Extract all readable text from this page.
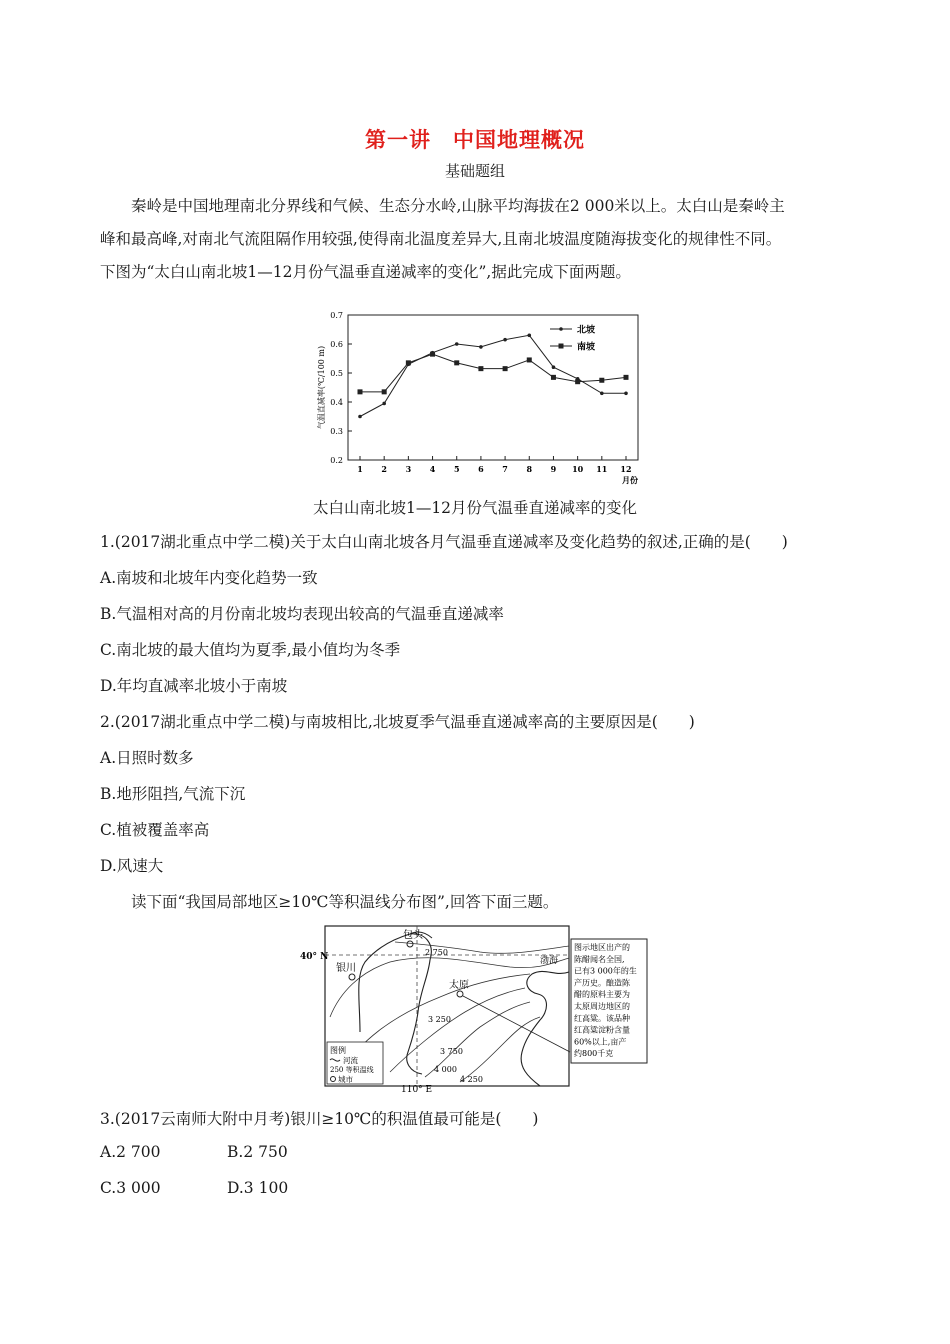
第一讲　中国地理概况
基础题组
秦岭是中国地理南北分界线和气候、生态分水岭,山脉平均海拔在2 000米以上。太白山是秦岭主
峰和最高峰,对南北气流阻隔作用较强,使得南北温度差异大,且南北坡温度随海拔变化的规律性不同。
下图为“太白山南北坡1—12月份气温垂直递减率的变化”,据此完成下面两题。
0.2
0.3
0.4
0.5
0.6
0.7
1 2 3 4 5 6 7 8 9 10 11 12
月份
气温直减率(℃/100 m)
北坡
南坡
太白山南北坡1—12月份气温垂直递减率的变化
1.(2017湖北重点中学二模)关于太白山南北坡各月气温垂直递减率及变化趋势的叙述,正确的是(　　)
A.南坡和北坡年内变化趋势一致
B.气温相对高的月份南北坡均表现出较高的气温垂直递减率
C.南北坡的最大值均为夏季,最小值均为冬季
D.年均直减率北坡小于南坡
2.(2017湖北重点中学二模)与南坡相比,北坡夏季气温垂直递减率高的主要原因是(　　)
A.日照时数多
B.地形阻挡,气流下沉
C.植被覆盖率高
D.风速大
读下面“我国局部地区≥10℃等积温线分布图”,回答下面三题。
40° N
110° E
包头
银川
太原
渤海
2 750
3 250
3 750
4 000
4 250
图例
河流
250 等积温线
城市
图示地区出产的
陈醋闻名全国,
已有3 000年的生
产历史。酿造陈
醋的原料主要为
太原周边地区的
红高粱。该品种
红高粱淀粉含量
60%以上,亩产
约800千克
3.(2017云南师大附中月考)银川≥10℃的积温值最可能是(　　)
A.2 700	B.2 750
C.3 000	D.3 100
